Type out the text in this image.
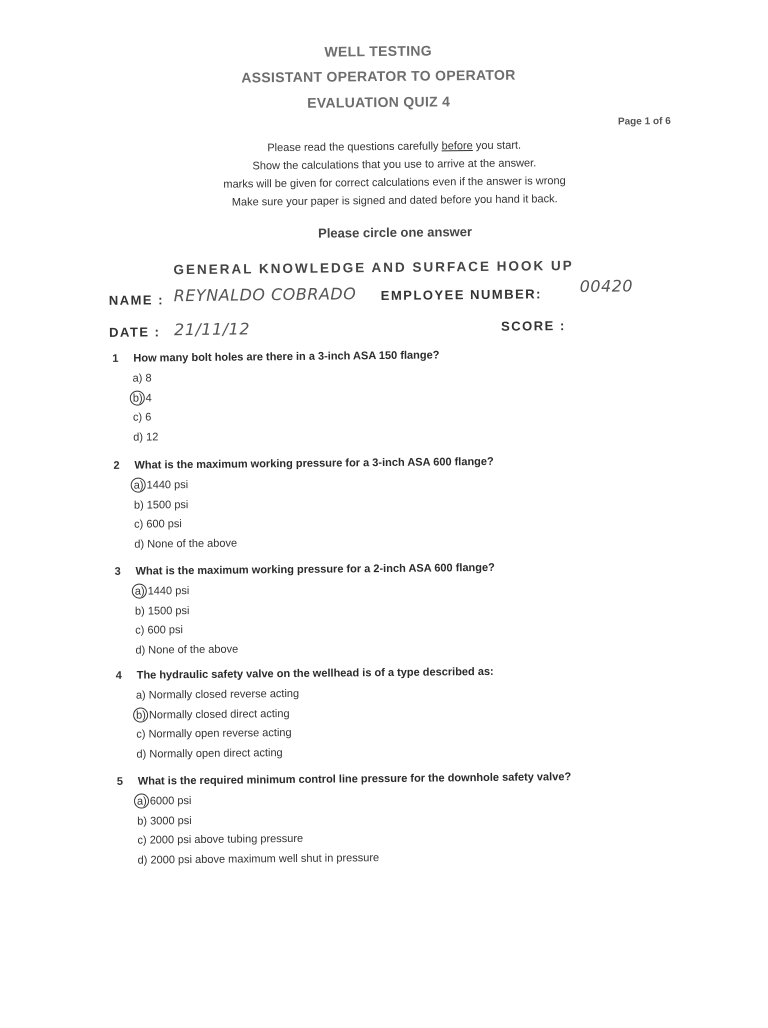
WELL TESTING
ASSISTANT OPERATOR TO OPERATOR
EVALUATION QUIZ 4
Page 1 of 6
Please read the questions carefully before you start.
Show the calculations that you use to arrive at the answer.
marks will be given for correct calculations even if the answer is wrong
Make sure your paper is signed and dated before you hand it back.
Please circle one answer
GENERAL KNOWLEDGE AND SURFACE HOOK UP
NAME : REYNALDO COBRADO EMPLOYEE NUMBER: 00420
DATE : 21/11/12	SCORE :
1 How many bolt holes are there in a 3-inch ASA 150 flange?
a)
8
b)
4
c)
6
d)
12
2 What is the maximum working pressure for a 3-inch ASA 600 flange?
a)
1440 psi
b)
1500 psi
c)
600 psi
d)
None of the above
3 What is the maximum working pressure for a 2-inch ASA 600 flange?
a)
1440 psi
b)
1500 psi
c)
600 psi
d)
None of the above
4 The hydraulic safety valve on the wellhead is of a type described as:
a)
Normally closed reverse acting
b)
Normally closed direct acting
c)
Normally open reverse acting
d)
Normally open direct acting
5 What is the required minimum control line pressure for the downhole safety valve?
a)
6000 psi
b)
3000 psi
c)
2000 psi above tubing pressure
d)
2000 psi above maximum well shut in pressure
